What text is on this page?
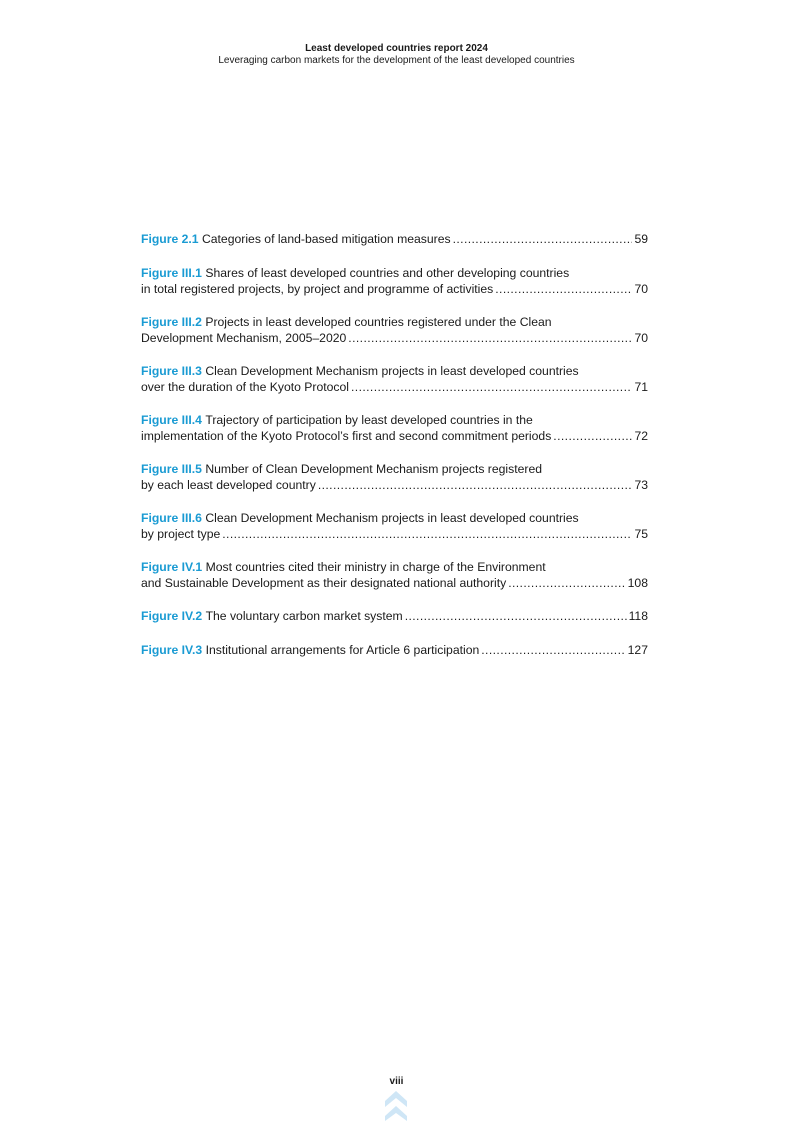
Least developed countries report 2024
Leveraging carbon markets for the development of the least developed countries
Figure 2.1
Categories of land-based mitigation measures .....	59
Figure III.1
Shares of least developed countries and other developing countries
in total registered projects, by project and programme of activities .....	70
Figure III.2
Projects in least developed countries registered under the Clean
Development Mechanism, 2005–2020 .....	70
Figure III.3
Clean Development Mechanism projects in least developed countries
over the duration of the Kyoto Protocol .....	71
Figure III.4
Trajectory of participation by least developed countries in the
implementation of the Kyoto Protocol’s first and second commitment periods .....	72
Figure III.5
Number of Clean Development Mechanism projects registered
by each least developed country .....	73
Figure III.6
Clean Development Mechanism projects in least developed countries
by project type .....	75
Figure IV.1
Most countries cited their ministry in charge of the Environment
and Sustainable Development as their designated national authority .....	108
Figure IV.2
The voluntary carbon market system .....	118
Figure IV.3
Institutional arrangements for Article 6 participation .....	127
viii
